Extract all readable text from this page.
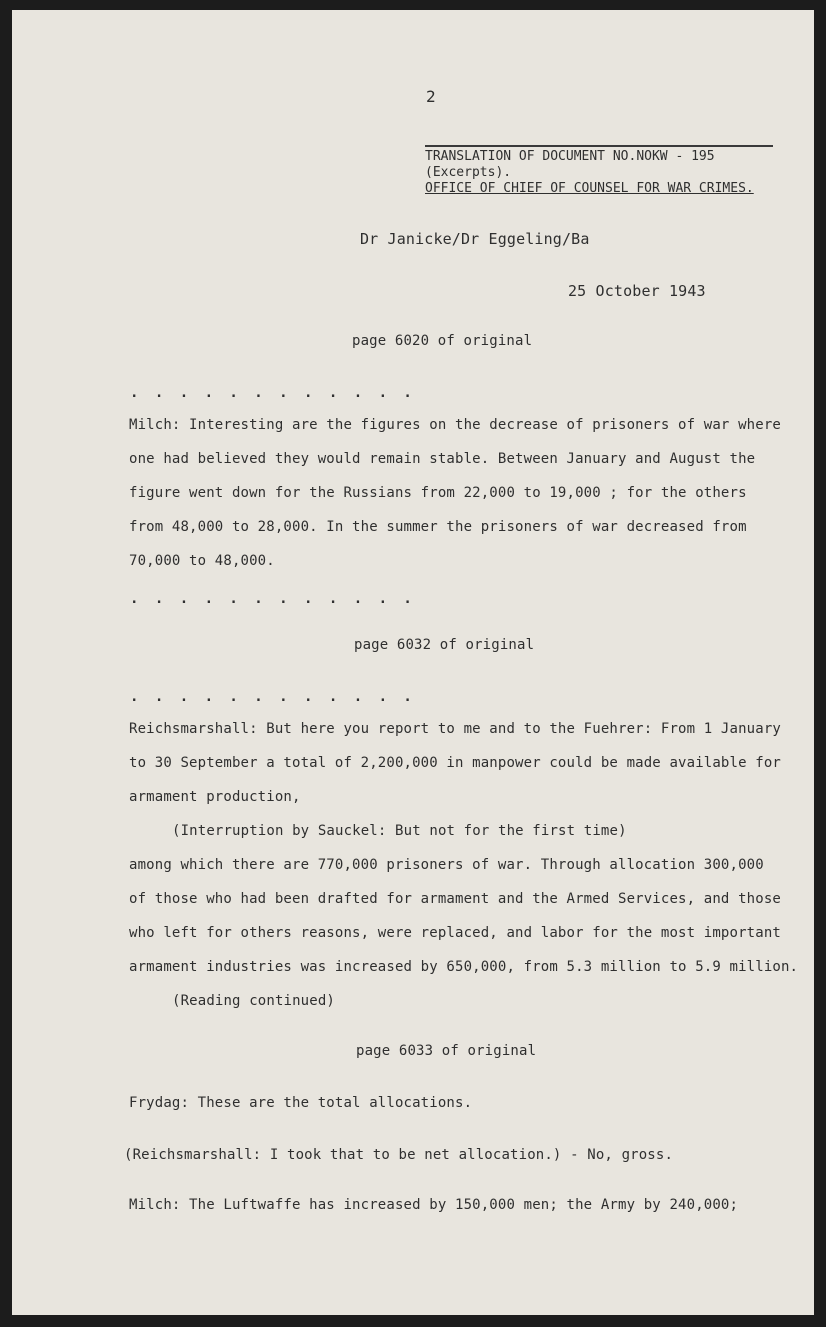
2
TRANSLATION OF DOCUMENT NO.NOKW - 195
(Excerpts).
OFFICE OF CHIEF OF COUNSEL FOR WAR CRIMES.
Dr Janicke/Dr Eggeling/Ba
25 October 1943
page 6020 of original
. . . . . . . . . . . .
Milch: Interesting are the figures on the decrease of prisoners of war where
one had believed they would remain stable. Between January and August the
figure went down for the Russians from 22,000 to 19,000 ; for the others
from 48,000 to 28,000. In the summer the prisoners of war decreased from
70,000 to 48,000.
. . . . . . . . . . . .
page 6032 of original
. . . . . . . . . . . .
Reichsmarshall: But here you report to me and to the Fuehrer: From 1 January
to 30 September a total of 2,200,000 in manpower could be made available for
armament production,
(Interruption by Sauckel: But not for the first time)
among which there are 770,000 prisoners of war. Through allocation 300,000
of those who had been drafted for armament and the Armed Services, and those
who left for others reasons, were replaced, and labor for the most important
armament industries was increased by 650,000, from 5.3 million to 5.9 million.
(Reading continued)
page 6033 of original
Frydag: These are the total allocations.
(Reichsmarshall: I took that to be net allocation.) - No, gross.
Milch: The Luftwaffe has increased by 150,000 men; the Army by 240,000;
